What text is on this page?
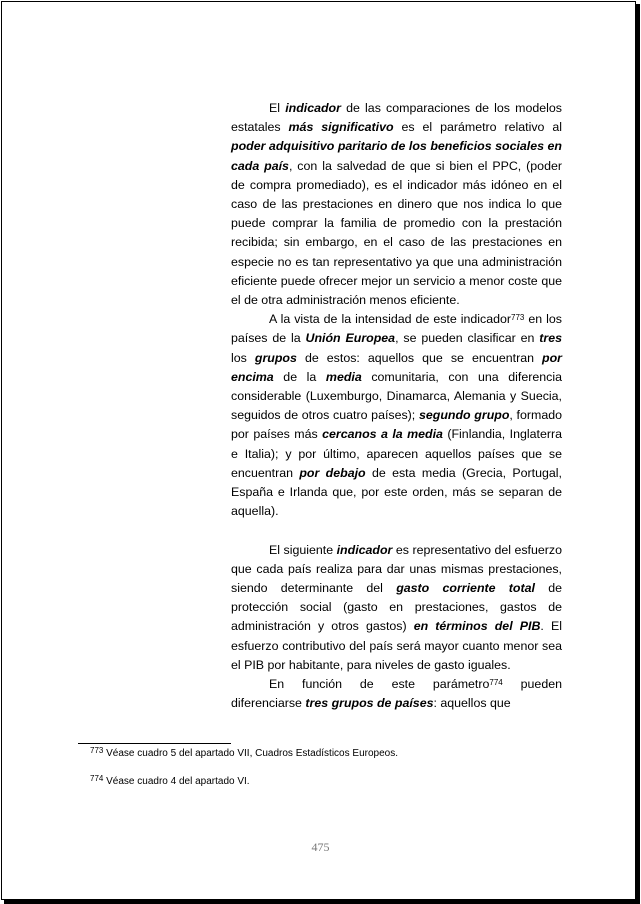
El indicador de las comparaciones de los modelos estatales más significativo es el parámetro relativo al poder adquisitivo paritario de los beneficios sociales en cada país, con la salvedad de que si bien el PPC, (poder de compra promediado), es el indicador más idóneo en el caso de las prestaciones en dinero que nos indica lo que puede comprar la familia de promedio con la prestación recibida; sin embargo, en el caso de las prestaciones en especie no es tan representativo ya que una administración eficiente puede ofrecer mejor un servicio a menor coste que el de otra administración menos eficiente.

A la vista de la intensidad de este indicador$^{773}$ en los países de la Unión Europea, se pueden clasificar en tres los grupos de estos: aquellos que se encuentran por encima de la media comunitaria, con una diferencia considerable (Luxemburgo, Dinamarca, Alemania y Suecia, seguidos de otros cuatro países); segundo grupo, formado por países más cercanos a la media (Finlandia, Inglaterra e Italia); y por último, aparecen aquellos países que se encuentran por debajo de esta media (Grecia, Portugal, España e Irlanda que, por este orden, más se separan de aquella).

El siguiente indicador es representativo del esfuerzo que cada país realiza para dar unas mismas prestaciones, siendo determinante del gasto corriente total de protección social (gasto en prestaciones, gastos de administración y otros gastos) en términos del PIB. El esfuerzo contributivo del país será mayor cuanto menor sea el PIB por habitante, para niveles de gasto iguales.

En función de este parámetro$^{774}$ pueden diferenciarse tres grupos de países: aquellos que

$^{773}$ Véase cuadro 5 del apartado VII, Cuadros Estadísticos Europeos.
$^{774}$ Véase cuadro 4 del apartado VI.
475
